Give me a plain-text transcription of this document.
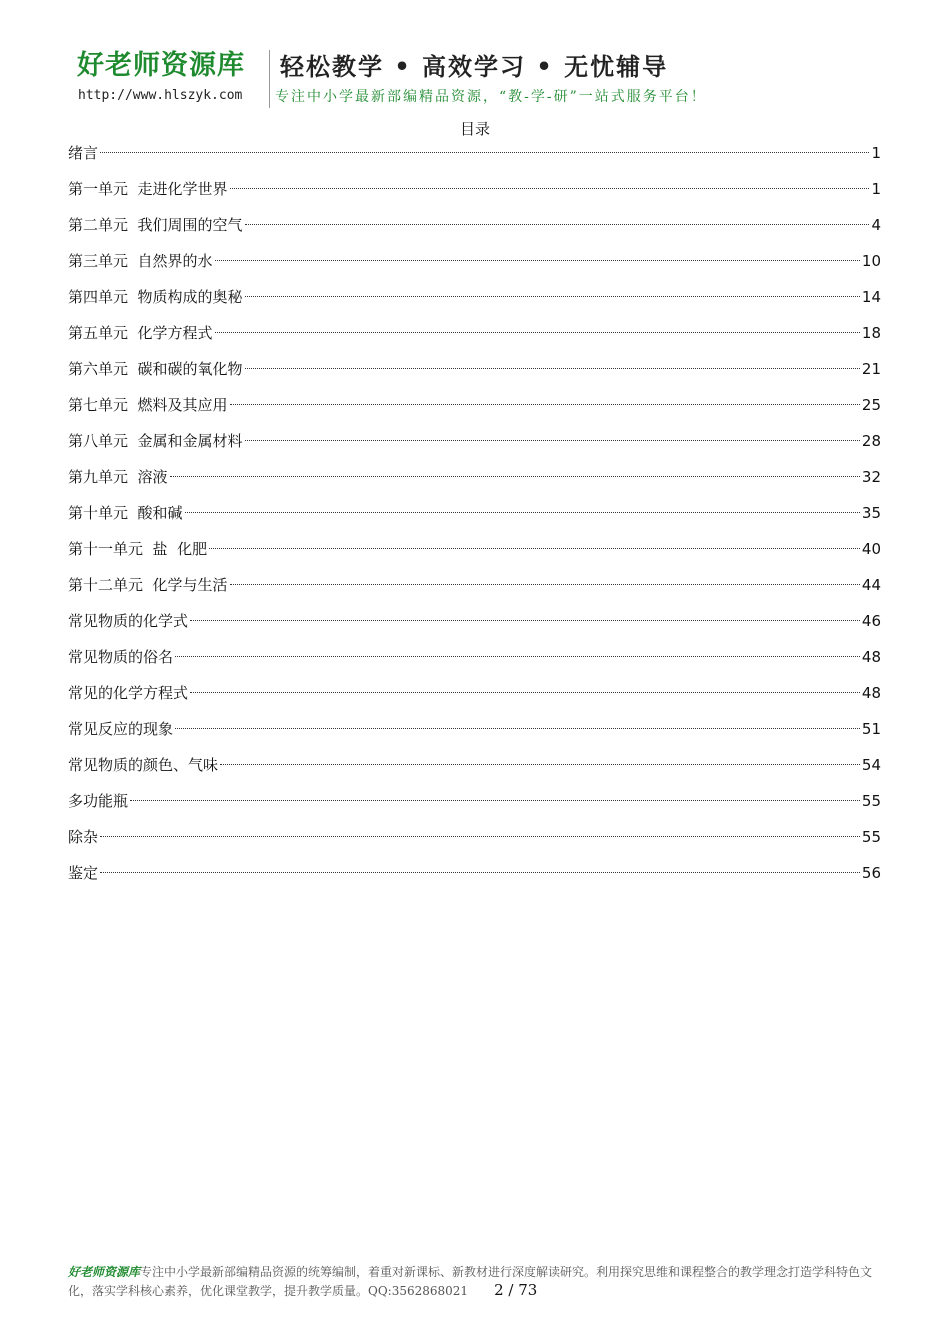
好老师资源库
http://www.hlszyk.com
轻松教学 • 高效学习 • 无忧辅导
专注中小学最新部编精品资源，“教-学-研”一站式服务平台！
目录
绪言	1
第一单元  走进化学世界	1
第二单元  我们周围的空气	4
第三单元  自然界的水	10
第四单元  物质构成的奥秘	14
第五单元  化学方程式	18
第六单元  碳和碳的氧化物	21
第七单元  燃料及其应用	25
第八单元  金属和金属材料	28
第九单元  溶液	32
第十单元  酸和碱	35
第十一单元  盐  化肥	40
第十二单元  化学与生活	44
常见物质的化学式	46
常见物质的俗名	48
常见的化学方程式	48
常见反应的现象	51
常见物质的颜色、气味	54
多功能瓶	55
除杂	55
鉴定	56
好老师资源库专注中小学最新部编精品资源的统筹编制，着重对新课标、新教材进行深度解读研究。利用探究思维和课程整合的教学理念打造学科特色文化，落实学科核心素养，优化课堂教学，提升教学质量。QQ:3562868021 2 / 73
